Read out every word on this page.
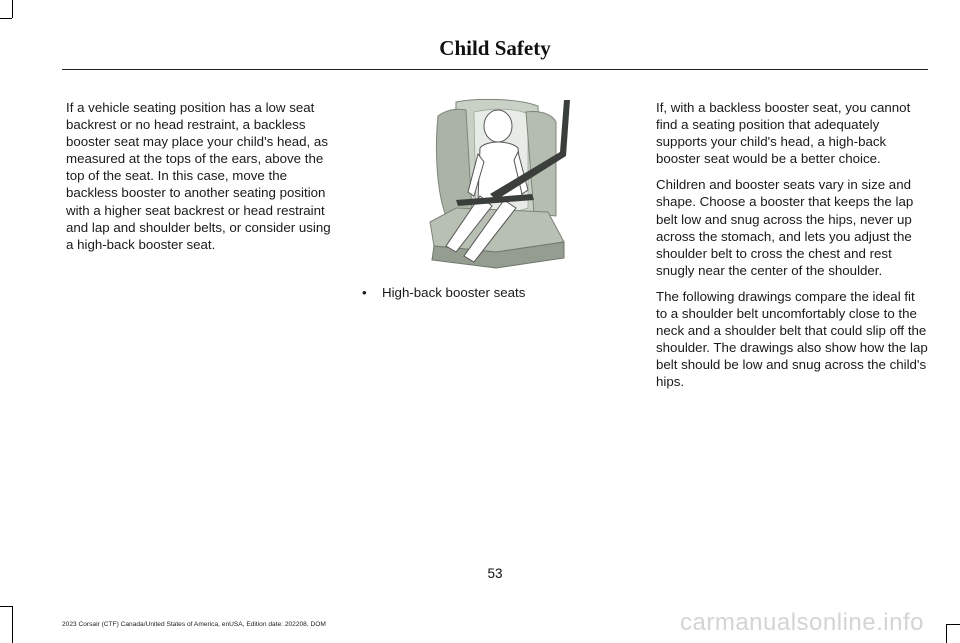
Child Safety

If a vehicle seating position has a low seat backrest or no head restraint, a backless booster seat may place your child's head, as measured at the tops of the ears, above the top of the seat. In this case, move the backless booster to another seating position with a higher seat backrest or head restraint and lap and shoulder belts, or consider using a high-back booster seat.

• High-back booster seats

If, with a backless booster seat, you cannot find a seating position that adequately supports your child's head, a high-back booster seat would be a better choice.

Children and booster seats vary in size and shape. Choose a booster that keeps the lap belt low and snug across the hips, never up across the stomach, and lets you adjust the shoulder belt to cross the chest and rest snugly near the center of the shoulder.

The following drawings compare the ideal fit to a shoulder belt uncomfortably close to the neck and a shoulder belt that could slip off the shoulder. The drawings also show how the lap belt should be low and snug across the child's hips.

53
2023 Corsair (CTF) Canada/United States of America, enUSA, Edition date: 202208, DOM	carmanualsonline.info
